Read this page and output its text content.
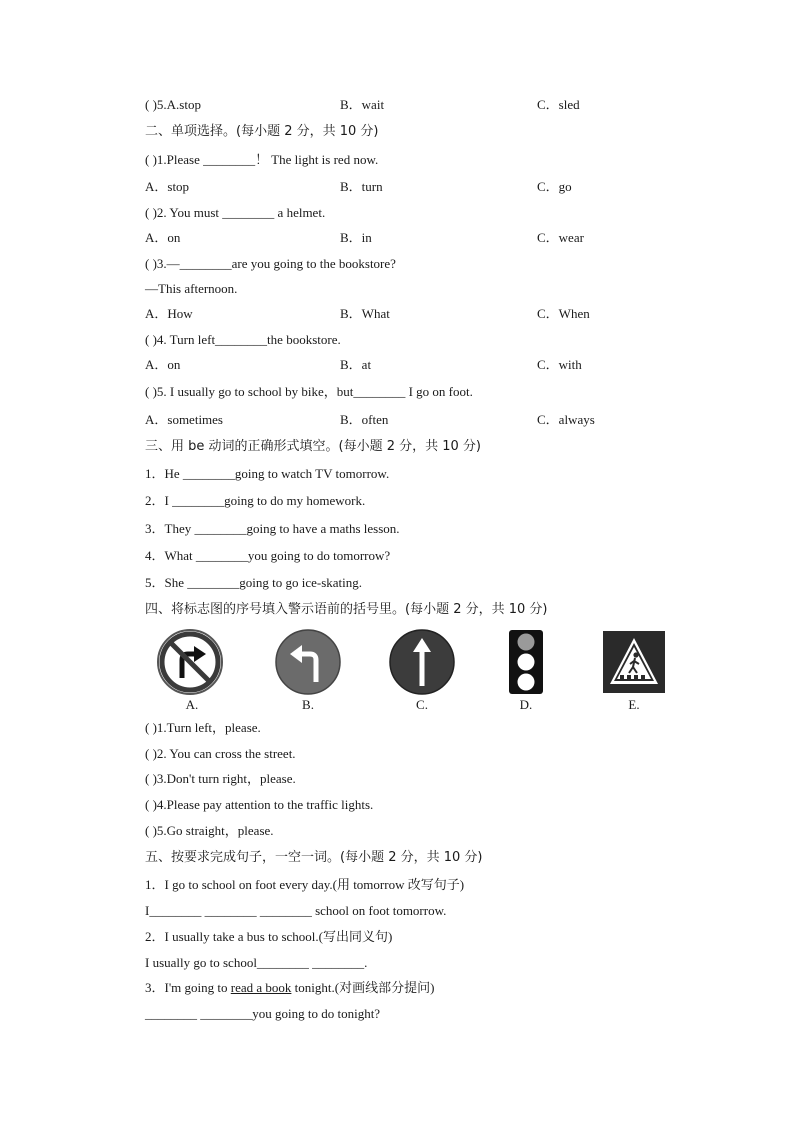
( )5.A.stop	B．wait	C．sled
二、单项选择。(每小题 2 分，共 10 分)
( )1.Please ________！ The light is red now.
A．stop	B．turn	C．go
( )2. You must ________ a helmet.
A．on	B．in	C．wear
( )3.—________are you going to the bookstore?
—This afternoon.
A．How	B．What	C．When
( )4. Turn left________the bookstore.
A．on	B．at	C．with
( )5. I usually go to school by bike，but________ I go on foot.
A．sometimes	B．often	C．always
三、用 be 动词的正确形式填空。(每小题 2 分，共 10 分)
1．He ________going to watch TV tomorrow.
2．I ________going to do my homework.
3．They ________going to have a maths lesson.
4．What ________you going to do tomorrow?
5．She ________going to go ice-skating.
四、将标志图的序号填入警示语前的括号里。(每小题 2 分，共 10 分)
A.	B.	C.	D.	E.
( )1.Turn left，please.
( )2. You can cross the street.
( )3.Don't turn right，please.
( )4.Please pay attention to the traffic lights.
( )5.Go straight，please.
五、按要求完成句子，一空一词。(每小题 2 分，共 10 分)
1．I go to school on foot every day.(用 tomorrow 改写句子)
I________ ________ ________ school on foot tomorrow.
2．I usually take a bus to school.(写出同义句)
I usually go to school________ ________.
3．I'm going to read a book tonight.(对画线部分提问)
________ ________you going to do tonight?
